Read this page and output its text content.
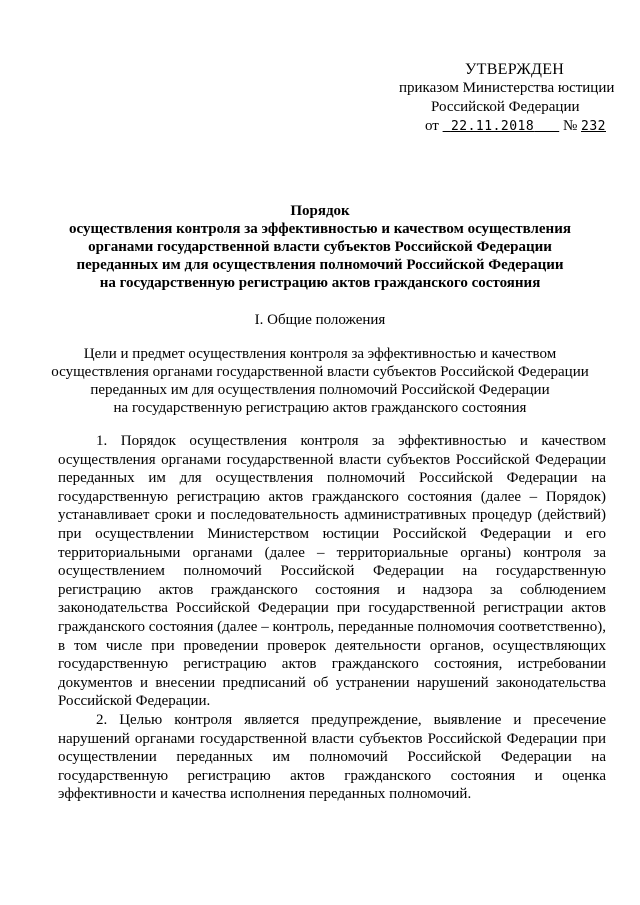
УТВЕРЖДЕН
приказом Министерства юстиции
Российской Федерации
от 22.11.2018 № 232
Порядок
осуществления контроля за эффективностью и качеством осуществления
органами государственной власти субъектов Российской Федерации
переданных им для осуществления полномочий Российской Федерации
на государственную регистрацию актов гражданского состояния
I. Общие положения
Цели и предмет осуществления контроля за эффективностью и качеством
осуществления органами государственной власти субъектов Российской Федерации
переданных им для осуществления полномочий Российской Федерации
на государственную регистрацию актов гражданского состояния

1. Порядок осуществления контроля за эффективностью и качеством осуществления органами государственной власти субъектов Российской Федерации переданных им для осуществления полномочий Российской Федерации на государственную регистрацию актов гражданского состояния (далее – Порядок) устанавливает сроки и последовательность административных процедур (действий) при осуществлении Министерством юстиции Российской Федерации и его территориальными органами (далее – территориальные органы) контроля за осуществлением полномочий Российской Федерации на государственную регистрацию актов гражданского состояния и надзора за соблюдением законодательства Российской Федерации при государственной регистрации актов гражданского состояния (далее – контроль, переданные полномочия соответственно), в том числе при проведении проверок деятельности органов, осуществляющих государственную регистрацию актов гражданского состояния, истребовании документов и внесении предписаний об устранении нарушений законодательства Российской Федерации.

2. Целью контроля является предупреждение, выявление и пресечение нарушений органами государственной власти субъектов Российской Федерации при осуществлении переданных им полномочий Российской Федерации на государственную регистрацию актов гражданского состояния и оценка эффективности и качества исполнения переданных полномочий.
